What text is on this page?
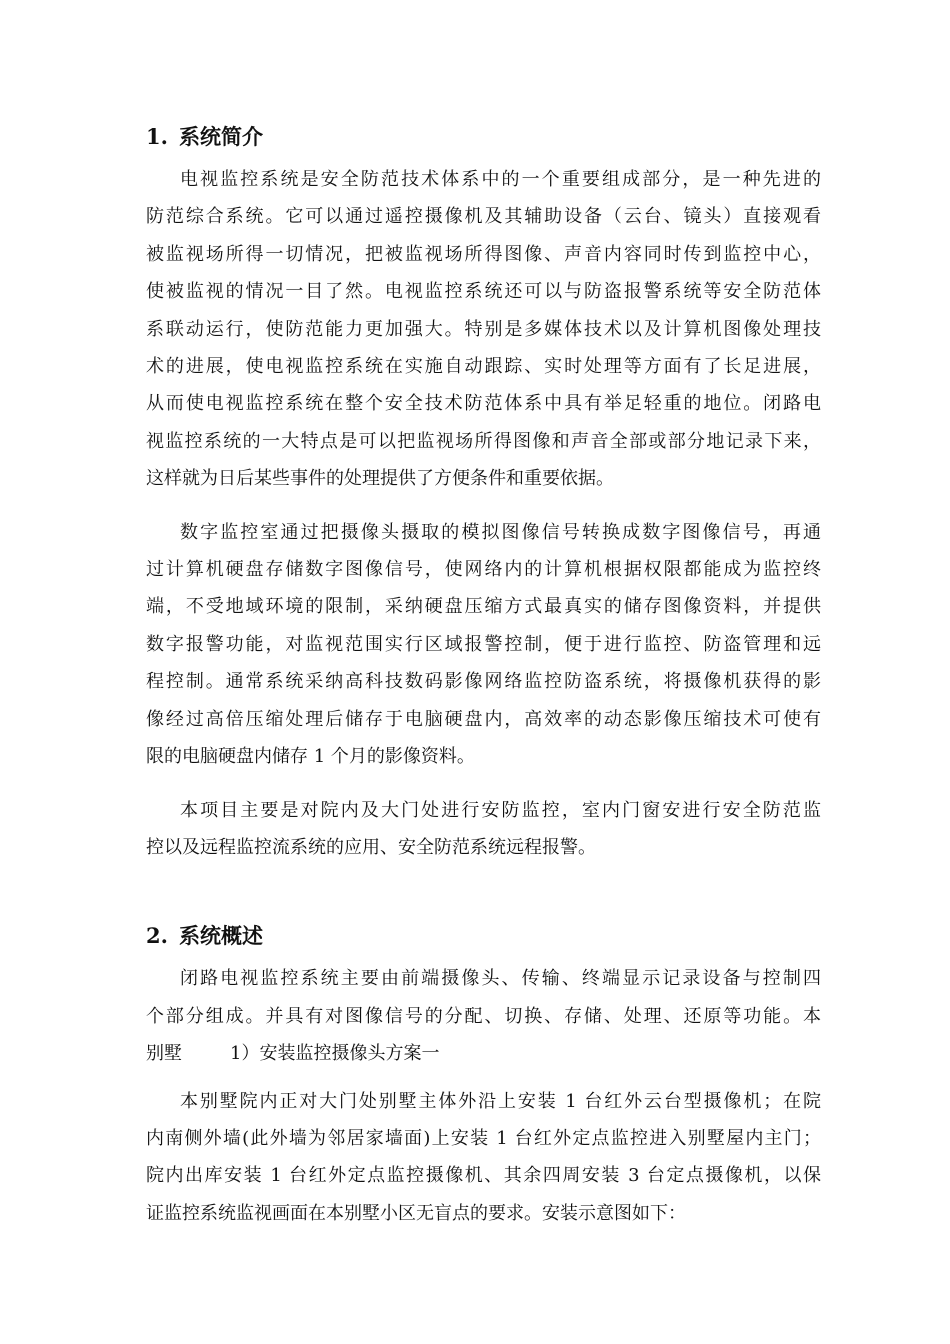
1. 系统简介

电视监控系统是安全防范技术体系中的一个重要组成部分，是一种先进的
防范综合系统。它可以通过遥控摄像机及其辅助设备（云台、镜头）直接观看
被监视场所得一切情况，把被监视场所得图像、声音内容同时传到监控中心，
使被监视的情况一目了然。电视监控系统还可以与防盗报警系统等安全防范体
系联动运行，使防范能力更加强大。特别是多媒体技术以及计算机图像处理技
术的进展，使电视监控系统在实施自动跟踪、实时处理等方面有了长足进展，
从而使电视监控系统在整个安全技术防范体系中具有举足轻重的地位。闭路电
视监控系统的一大特点是可以把监视场所得图像和声音全部或部分地记录下来，
这样就为日后某些事件的处理提供了方便条件和重要依据。

数字监控室通过把摄像头摄取的模拟图像信号转换成数字图像信号，再通
过计算机硬盘存储数字图像信号，使网络内的计算机根据权限都能成为监控终
端，不受地域环境的限制，采纳硬盘压缩方式最真实的储存图像资料，并提供
数字报警功能，对监视范围实行区域报警控制，便于进行监控、防盗管理和远
程控制。通常系统采纳高科技数码影像网络监控防盗系统，将摄像机获得的影
像经过高倍压缩处理后储存于电脑硬盘内，高效率的动态影像压缩技术可使有
限的电脑硬盘内储存 1 个月的影像资料。

本项目主要是对院内及大门处进行安防监控，室内门窗安进行安全防范监
控以及远程监控流系统的应用、安全防范系统远程报警。

2. 系统概述

闭路电视监控系统主要由前端摄像头、传输、终端显示记录设备与控制四
个部分组成。并具有对图像信号的分配、切换、存储、处理、还原等功能。本
别墅	1）安装监控摄像头方案一

本别墅院内正对大门处别墅主体外沿上安装 1 台红外云台型摄像机；在院
内南侧外墙(此外墙为邻居家墙面)上安装 1 台红外定点监控进入别墅屋内主门；
院内出库安装 1 台红外定点监控摄像机、其余四周安装 3 台定点摄像机，以保
证监控系统监视画面在本别墅小区无盲点的要求。安装示意图如下：
